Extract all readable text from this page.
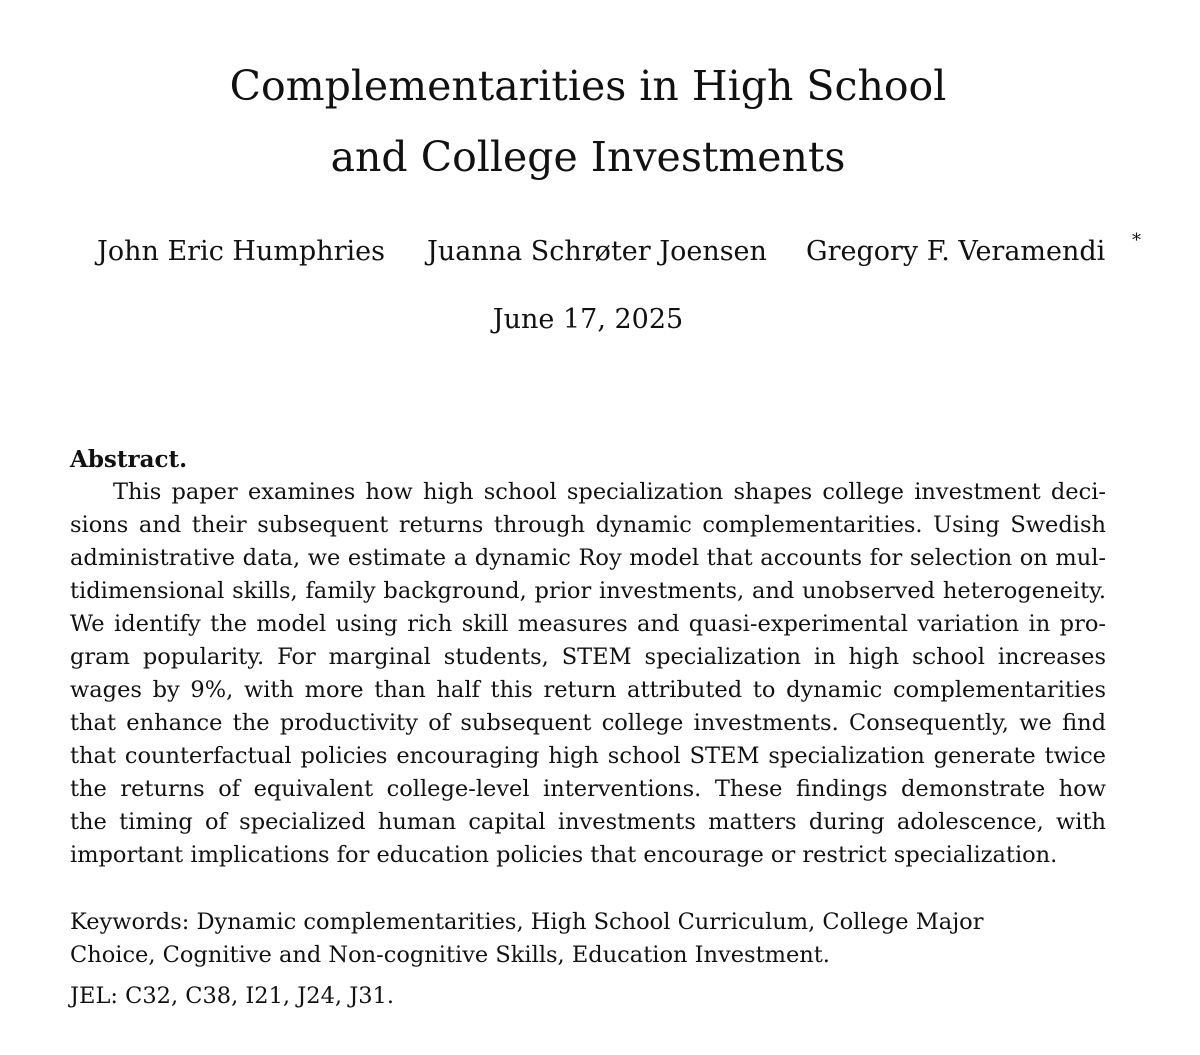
Complementarities in High School
and College Investments
John Eric Humphries Juanna Schrøter Joensen Gregory F. Veramendi *
June 17, 2025
Abstract.
This paper examines how high school specialization shapes college investment deci-
sions and their subsequent returns through dynamic complementarities. Using Swedish
administrative data, we estimate a dynamic Roy model that accounts for selection on mul-
tidimensional skills, family background, prior investments, and unobserved heterogeneity.
We identify the model using rich skill measures and quasi-experimental variation in pro-
gram popularity. For marginal students, STEM specialization in high school increases
wages by 9%, with more than half this return attributed to dynamic complementarities
that enhance the productivity of subsequent college investments. Consequently, we find
that counterfactual policies encouraging high school STEM specialization generate twice
the returns of equivalent college-level interventions. These findings demonstrate how
the timing of specialized human capital investments matters during adolescence, with
important implications for education policies that encourage or restrict specialization.
Keywords: Dynamic complementarities, High School Curriculum, College Major
Choice, Cognitive and Non-cognitive Skills, Education Investment.
JEL: C32, C38, I21, J24, J31.
